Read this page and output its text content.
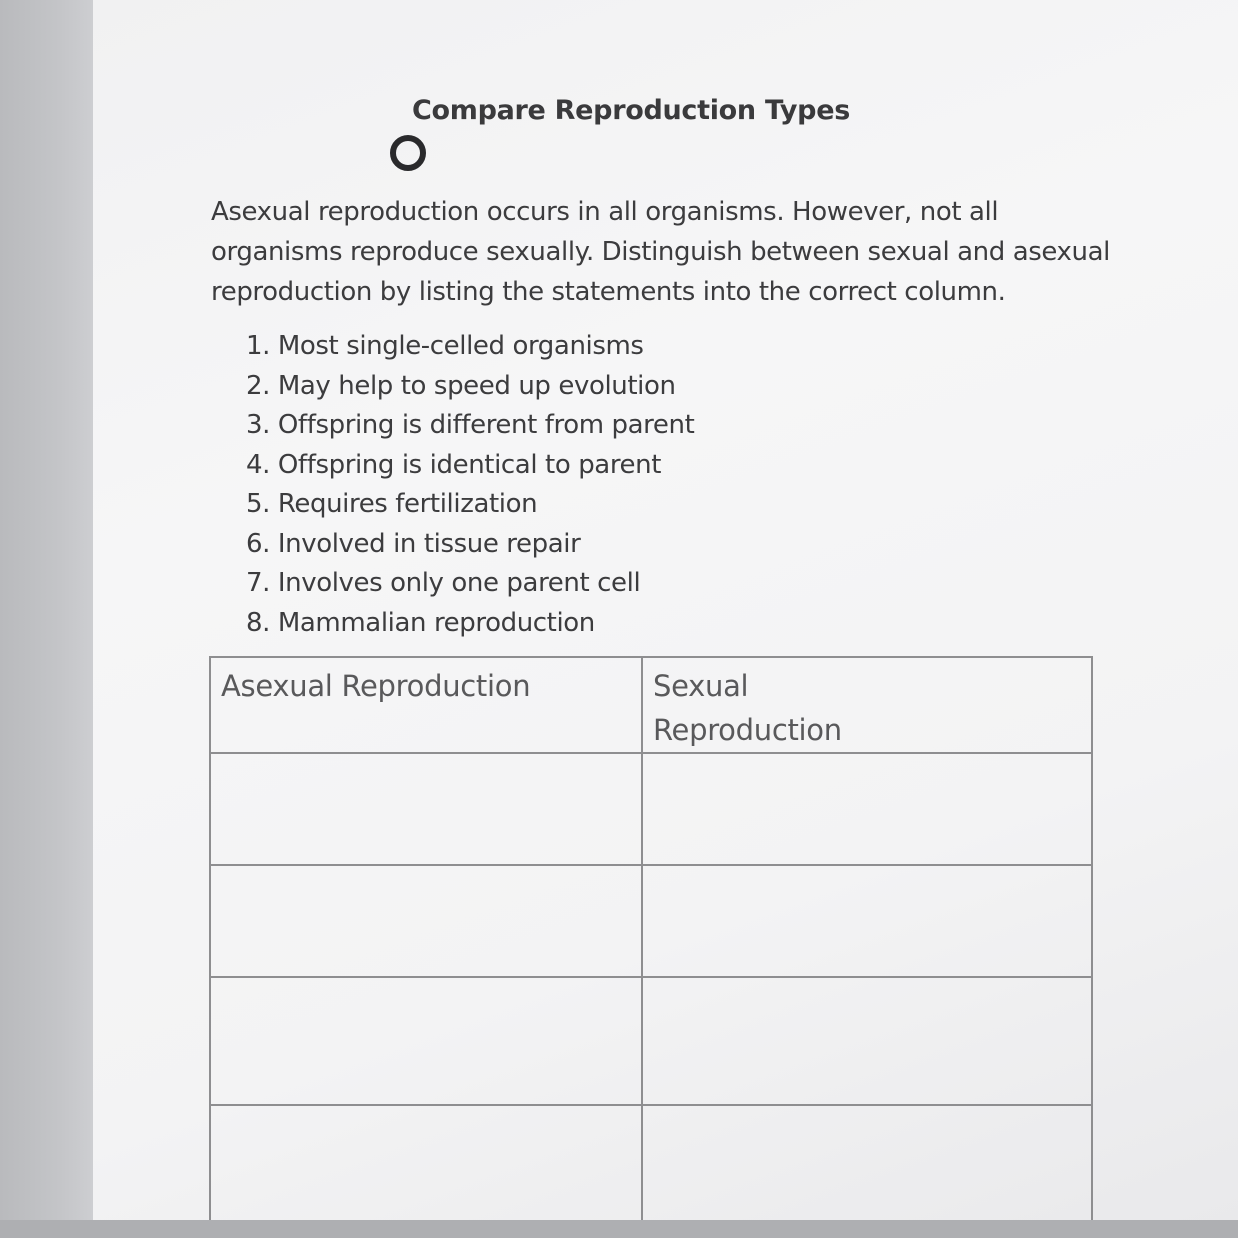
Compare Reproduction Types
Asexual reproduction occurs in all organisms. However, not all
organisms reproduce sexually. Distinguish between sexual and asexual
reproduction by listing the statements into the correct column.
1. Most single-celled organisms
2. May help to speed up evolution
3. Offspring is different from parent
4. Offspring is identical to parent
5. Requires fertilization
6. Involved in tissue repair
7. Involves only one parent cell
8. Mammalian reproduction
Asexual Reproduction	Sexual Reproduction
